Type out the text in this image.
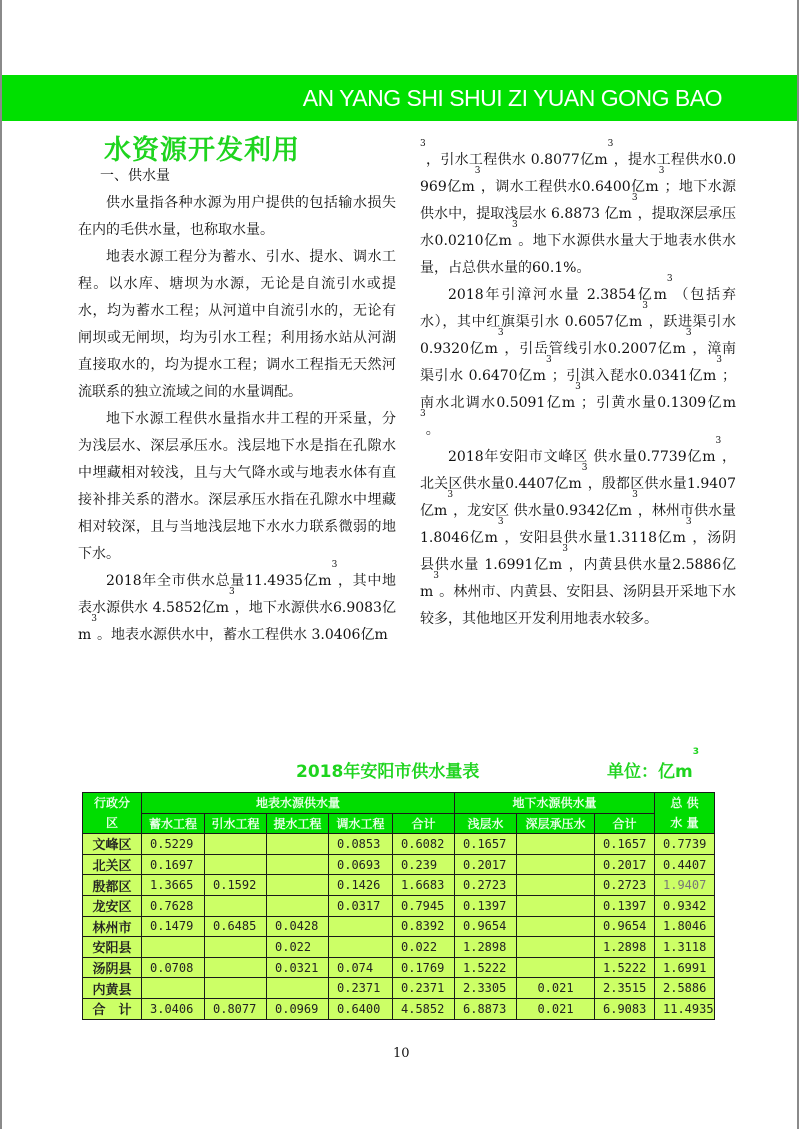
AN YANG SHI SHUI ZI YUAN GONG BAO
水资源开发利用

一、供水量

供水量指各种水源为用户提供的包括输水损失在内的毛供水量，也称取水量。

地表水源工程分为蓄水、引水、提水、调水工程。以水库、塘坝为水源，无论是自流引水或提水，均为蓄水工程；从河道中自流引水的，无论有闸坝或无闸坝，均为引水工程；利用扬水站从河湖直接取水的，均为提水工程；调水工程指无天然河流联系的独立流域之间的水量调配。

地下水源工程供水量指水井工程的开采量，分为浅层水、深层承压水。浅层地下水是指在孔隙水中埋藏相对较浅，且与大气降水或与地表水体有直接补排关系的潜水。深层承压水指在孔隙水中埋藏相对较深，且与当地浅层地下水水力联系微弱的地下水。

2018年全市供水总量11.4935亿$m^3$，其中地表水源供水 4.5852亿$m^3$，地下水源供水6.9083亿$m^3$。地表水源供水中，蓄水工程供水 3.0406亿m

$^3$，引水工程供水 0.8077亿$m^3$，提水工程供水0.0969亿$m^3$，调水工程供水0.6400亿$m^3$；地下水源供水中，提取浅层水 6.8873 亿$m^3$，提取深层承压水0.0210亿$m^3$。地下水源供水量大于地表水供水量，占总供水量的60.1%。

2018年引漳河水量 2.3854亿$m^3$（包括弃水），其中红旗渠引水 0.6057亿$m^3$，跃进渠引水0.9320亿$m^3$，引岳管线引水0.2007亿$m^3$，漳南渠引水 0.6470亿$m^3$；引淇入琵水0.0341亿$m^3$；南水北调水0.5091亿$m^3$；引黄水量0.1309亿$m^3$。

2018年安阳市文峰区 供水量0.7739亿$m^3$，北关区供水量0.4407亿$m^3$，殷都区供水量1.9407亿$m^3$，龙安区 供水量0.9342亿$m^3$，林州市供水量1.8046亿$m^3$，安阳县供水量1.3118亿$m^3$，汤阴县供水量 1.6991亿$m^3$，内黄县供水量2.5886亿$m^3$。林州市、内黄县、安阳县、汤阴县开采地下水较多，其他地区开发利用地表水较多。

2018年安阳市供水量表	单位：亿$m^3$
行政分区	地表水源供水量					地下水源供水量			总 供 水 量
	蓄水工程	引水工程	提水工程	调水工程	合计	浅层水	深层承压水	合计	
文峰区	0.5229			0.0853	0.6082	0.1657		0.1657	0.7739
北关区	0.1697			0.0693	0.239	0.2017		0.2017	0.4407
殷都区	1.3665	0.1592		0.1426	1.6683	0.2723		0.2723	1.9407
龙安区	0.7628			0.0317	0.7945	0.1397		0.1397	0.9342
林州市	0.1479	0.6485	0.0428		0.8392	0.9654		0.9654	1.8046
安阳县			0.022		0.022	1.2898		1.2898	1.3118
汤阴县	0.0708		0.0321	0.074	0.1769	1.5222		1.5222	1.6991
内黄县				0.2371	0.2371	2.3305	0.021	2.3515	2.5886
合　计	3.0406	0.8077	0.0969	0.6400	4.5852	6.8873	0.021	6.9083	11.4935
10
